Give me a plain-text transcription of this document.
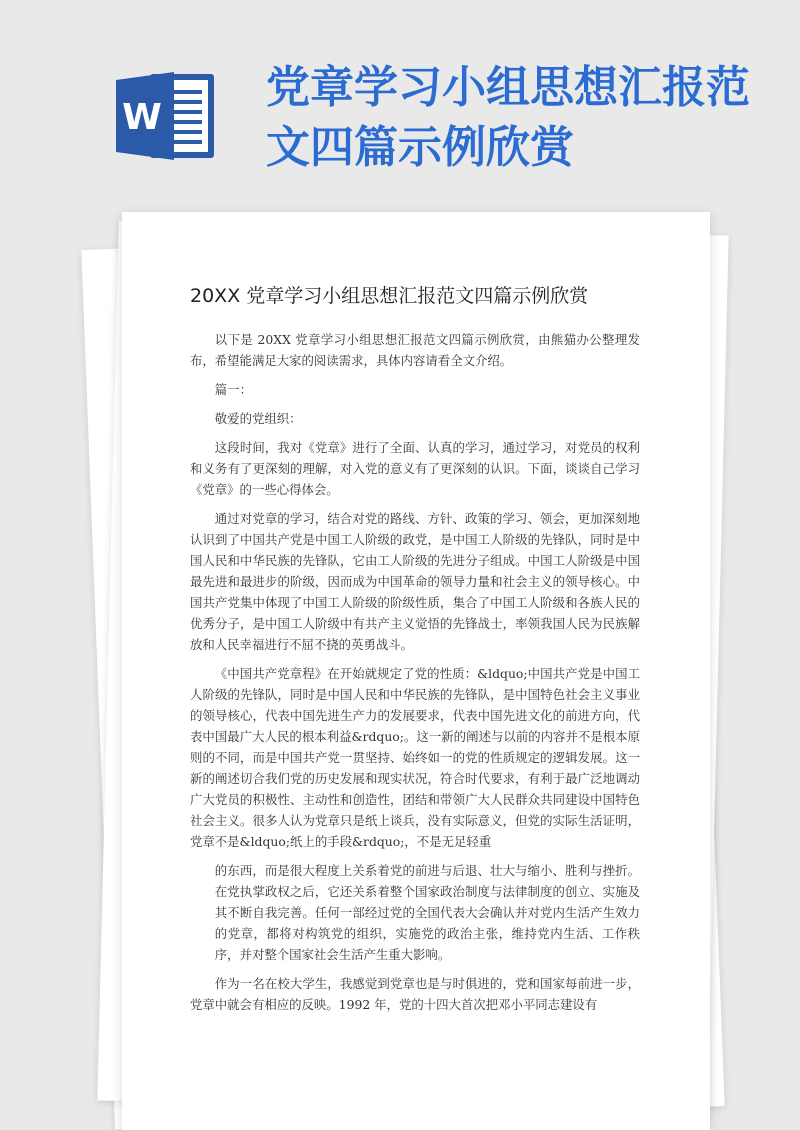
W
党章学习小组思想汇报范文四篇示例欣赏
20XX 党章学习小组思想汇报范文四篇示例欣赏

以下是 20XX 党章学习小组思想汇报范文四篇示例欣赏，由熊猫办公整理发布，希望能满足大家的阅读需求，具体内容请看全文介绍。

篇一：

敬爱的党组织：

这段时间，我对《党章》进行了全面、认真的学习，通过学习，对党员的权利和义务有了更深刻的理解，对入党的意义有了更深刻的认识。下面，谈谈自己学习《党章》的一些心得体会。

通过对党章的学习，结合对党的路线、方针、政策的学习、领会，更加深刻地认识到了中国共产党是中国工人阶级的政党，是中国工人阶级的先锋队，同时是中国人民和中华民族的先锋队，它由工人阶级的先进分子组成。中国工人阶级是中国最先进和最进步的阶级，因而成为中国革命的领导力量和社会主义的领导核心。中国共产党集中体现了中国工人阶级的阶级性质，集合了中国工人阶级和各族人民的优秀分子，是中国工人阶级中有共产主义觉悟的先锋战士，率领我国人民为民族解放和人民幸福进行不屈不挠的英勇战斗。

《中国共产党章程》在开始就规定了党的性质：&ldquo;中国共产党是中国工人阶级的先锋队，同时是中国人民和中华民族的先锋队，是中国特色社会主义事业的领导核心，代表中国先进生产力的发展要求，代表中国先进文化的前进方向，代表中国最广大人民的根本利益&rdquo;。这一新的阐述与以前的内容并不是根本原则的不同，而是中国共产党一贯坚持、始终如一的党的性质规定的逻辑发展。这一新的阐述切合我们党的历史发展和现实状况，符合时代要求，有利于最广泛地调动广大党员的积极性、主动性和创造性，团结和带领广大人民群众共同建设中国特色社会主义。很多人认为党章只是纸上谈兵，没有实际意义，但党的实际生活证明，党章不是&ldquo;纸上的手段&rdquo;，不是无足轻重

的东西，而是很大程度上关系着党的前进与后退、壮大与缩小、胜利与挫折。在党执掌政权之后，它还关系着整个国家政治制度与法律制度的创立、实施及其不断自我完善。任何一部经过党的全国代表大会确认并对党内生活产生效力的党章，都将对构筑党的组织，实施党的政治主张，维持党内生活、工作秩序，并对整个国家社会生活产生重大影响。

作为一名在校大学生，我感觉到党章也是与时俱进的，党和国家每前进一步，党章中就会有相应的反映。1992 年，党的十四大首次把邓小平同志建设有
